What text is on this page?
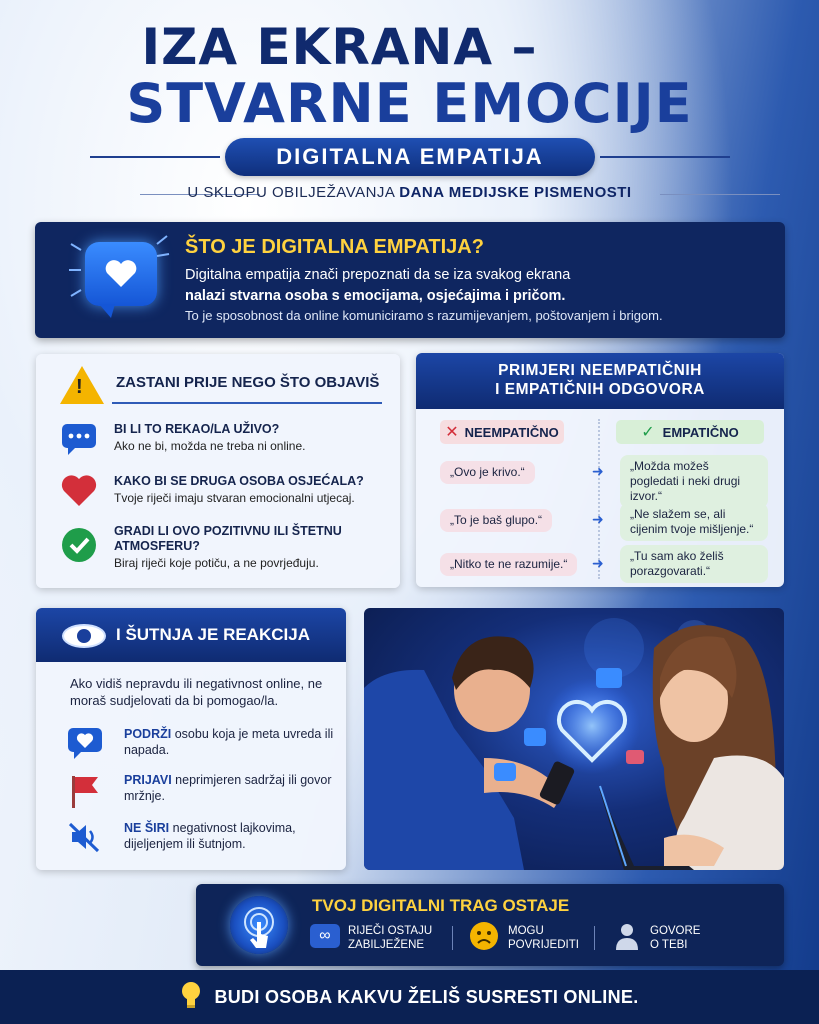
IZA EKRANA –
STVARNE EMOCIJE
DIGITALNA EMPATIJA
U SKLOPU OBILJEŽAVANJA DANA MEDIJSKE PISMENOSTI
ŠTO JE DIGITALNA EMPATIJA?
Digitalna empatija znači prepoznati da se iza svakog ekrana
nalazi stvarna osoba s emocijama, osjećajima i pričom.
To je sposobnost da online komuniciramo s razumijevanjem, poštovanjem i brigom.
! ZASTANI PRIJE NEGO ŠTO OBJAVIŠ
BI LI TO REKAO/LA UŽIVO?
Ako ne bi, možda ne treba ni online.
KAKO BI SE DRUGA OSOBA OSJEĆALA?
Tvoje riječi imaju stvaran emocionalni utjecaj.
GRADI LI OVO POZITIVNU ILI ŠTETNU ATMOSFERU?
Biraj riječi koje potiču, a ne povrjeđuju.
PRIMJERI NEEMPATIČNIH
I EMPATIČNIH ODGOVORA
✕ NEEMPATIČNO	✓ EMPATIČNO
„Ovo je krivo.“	➜	„Možda možeš pogledati i neki drugi izvor.“
„To je baš glupo.“	➜	„Ne slažem se, ali cijenim tvoje mišljenje.“
„Nitko te ne razumije.“	➜	„Tu sam ako želiš porazgovarati.“
I ŠUTNJA JE REAKCIJA
Ako vidiš nepravdu ili negativnost online, ne moraš sudjelovati da bi pomogao/la.
PODRŽI osobu koja je meta uvreda ili napada.
PRIJAVI neprimjeren sadržaj ili govor mržnje.
NE ŠIRI negativnost lajkovima, dijeljenjem ili šutnjom.
TVOJ DIGITALNI TRAG OSTAJE
∞	RIJEČI OSTAJU
ZABILJEŽENE
MOGU
POVRIJEDITI
GOVORE
O TEBI
BUDI OSOBA KAKVU ŽELIŠ SUSRESTI ONLINE.
